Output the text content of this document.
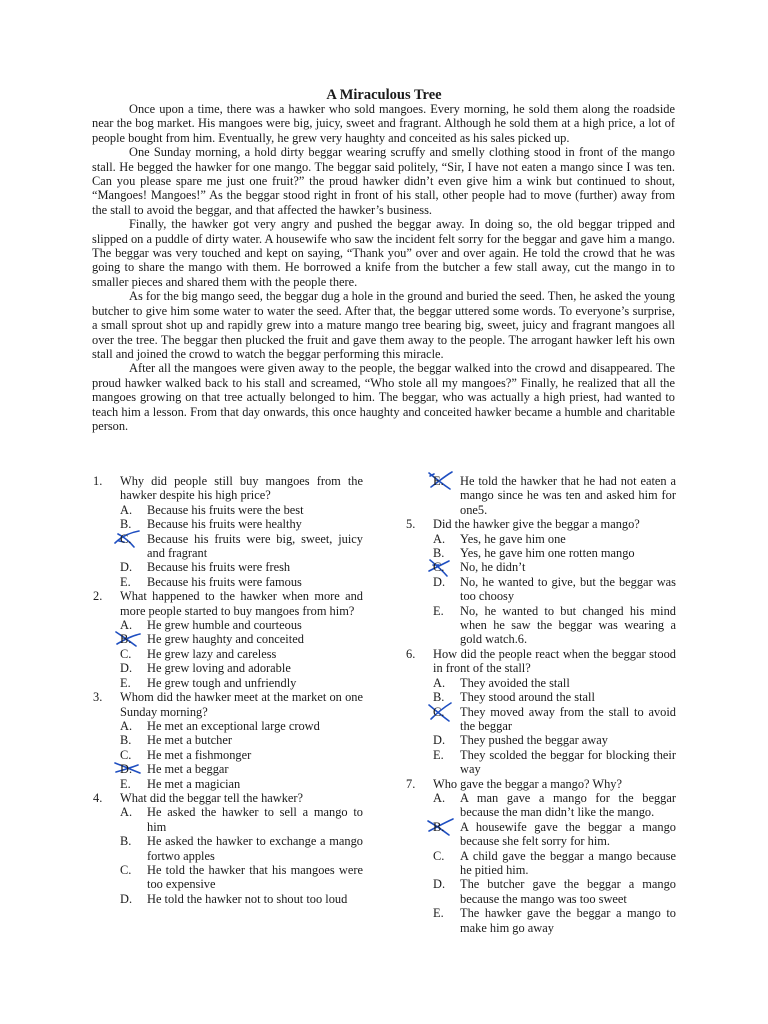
A Miraculous Tree

Once upon a time, there was a hawker who sold mangoes. Every morning, he sold them along the roadside near the bog market. His mangoes were big, juicy, sweet and fragrant. Although he sold them at a high price, a lot of people bought from him. Eventually, he grew very haughty and conceited as his sales picked up.

One Sunday morning, a hold dirty beggar wearing scruffy and smelly clothing stood in front of the mango stall. He begged the hawker for one mango. The beggar said politely, “Sir, I have not eaten a mango since I was ten. Can you please spare me just one fruit?” the proud hawker didn’t even give him a wink but continued to shout, “Mangoes! Mangoes!” As the beggar stood right in front of his stall, other people had to move (further) away from the stall to avoid the beggar, and that affected the hawker’s business.

Finally, the hawker got very angry and pushed the beggar away. In doing so, the old beggar tripped and slipped on a puddle of dirty water. A housewife who saw the incident felt sorry for the beggar and gave him a mango. The beggar was very touched and kept on saying, “Thank you” over and over again. He told the crowd that he was going to share the mango with them. He borrowed a knife from the butcher a few stall away, cut the mango in to smaller pieces and shared them with the people there.

As for the big mango seed, the beggar dug a hole in the ground and buried the seed. Then, he asked the young butcher to give him some water to water the seed. After that, the beggar uttered some words. To everyone’s surprise, a small sprout shot up and rapidly grew into a mature mango tree bearing big, sweet, juicy and fragrant mangoes all over the tree. The beggar then plucked the fruit and gave them away to the people. The arrogant hawker left his own stall and joined the crowd to watch the beggar performing this miracle.

After all the mangoes were given away to the people, the beggar walked into the crowd and disappeared. The proud hawker walked back to his stall and screamed, “Who stole all my mangoes?” Finally, he realized that all the mangoes growing on that tree actually belonged to him. The beggar, who was actually a high priest, had wanted to teach him a lesson. From that day onwards, this once haughty and conceited hawker became a humble and charitable person.

1. Why did people still buy mangoes from the hawker despite his high price?
A. Because his fruits were the best
B. Because his fruits were healthy
C. Because his fruits were big, sweet, juicy and fragrant
D. Because his fruits were fresh
E. Because his fruits were famous
2. What happened to the hawker when more and more people started to buy mangoes from him?
A. He grew humble and courteous
B. He grew haughty and conceited
C. He grew lazy and careless
D. He grew loving and adorable
E. He grew tough and unfriendly
3. Whom did the hawker meet at the market on one Sunday morning?
A. He met an exceptional large crowd
B. He met a butcher
C. He met a fishmonger
D. He met a beggar
E. He met a magician
4. What did the beggar tell the hawker?
A. He asked the hawker to sell a mango to him
B. He asked the hawker to exchange a mango fortwo apples
C. He told the hawker that his mangoes were too expensive
D. He told the hawker not to shout too loud
E. He told the hawker that he had not eaten a mango since he was ten and asked him for one5.
5. Did the hawker give the beggar a mango?
A. Yes, he gave him one
B. Yes, he gave him one rotten mango
C. No, he didn’t
D. No, he wanted to give, but the beggar was too choosy
E. No, he wanted to but changed his mind when he saw the beggar was wearing a gold watch.6.
6. How did the people react when the beggar stood in front of the stall?
A. They avoided the stall
B. They stood around the stall
C. They moved away from the stall to avoid the beggar
D. They pushed the beggar away
E. They scolded the beggar for blocking their way
7. Who gave the beggar a mango? Why?
A. A man gave a mango for the beggar because the man didn’t like the mango.
B. A housewife gave the beggar a mango because she felt sorry for him.
C. A child gave the beggar a mango because he pitied him.
D. The butcher gave the beggar a mango because the mango was too sweet
E. The hawker gave the beggar a mango to make him go away
